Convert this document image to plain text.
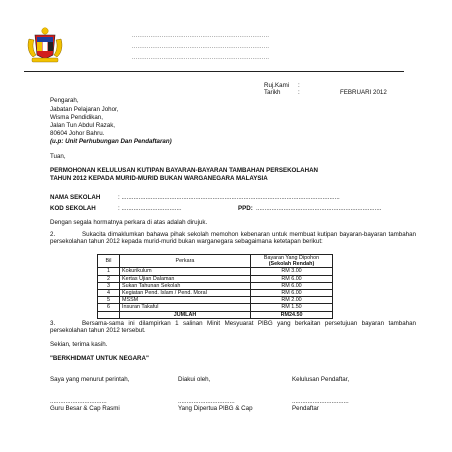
..........................................................................
..........................................................................
..........................................................................
Ruj.Kami :
Tarikh	:	FEBRUARI 2012
Pengarah,
Jabatan Pelajaran Johor,
Wisma Pendidikan,
Jalan Tun Abdul Razak,
80604 Johor Bahru.
(u.p: Unit Perhubungan Dan Pendaftaran)
Tuan,
PERMOHONAN KELULUSAN KUTIPAN BAYARAN-BAYARAN TAMBAHAN PERSEKOLAHAN
TAHUN 2012 KEPADA MURID-MURID BUKAN WARGANEGARA MALAYSIA
NAMA SEKOLAH	: ...............................................................................................................................
KOD SEKOLAH	: ...................................	PPD: .........................................................................
Dengan segala hormatnya perkara di atas adalah dirujuk.
2.	Sukacita dimaklumkan bahawa pihak sekolah memohon kebenaran untuk membuat kutipan bayaran-bayaran tambahan persekolahan tahun 2012 kepada murid-murid bukan warganegara sebagaimana ketetapan berikut:
Bil	Perkara	Bayaran Yang Dipohon
		(Sekolah Rendah)
1	Kokurikulum	RM 3.00
2	Kertas Ujian Dalaman	RM 6.00
3	Sukan Tahunan Sekolah	RM 6.00
4	Kegiatan Pend. Islam / Pend. Moral	RM 6.00
5	MSSM	RM 2.00
6	Insuran Takaful	RM 1.50
	JUMLAH	RM24.50
3.	Bersama-sama ini dilampirkan 1 salinan Minit Mesyuarat PIBG yang berkaitan persetujuan bayaran tambahan persekolahan tahun 2012 tersebut.
Sekian, terima kasih.
"BERKHIDMAT UNTUK NEGARA"
Saya yang menurut perintah,
.................................
Guru Besar & Cap Rasmi
Diakui oleh,
.................................
Yang Dipertua PIBG & Cap
Kelulusan Pendaftar,
.................................
Pendaftar
